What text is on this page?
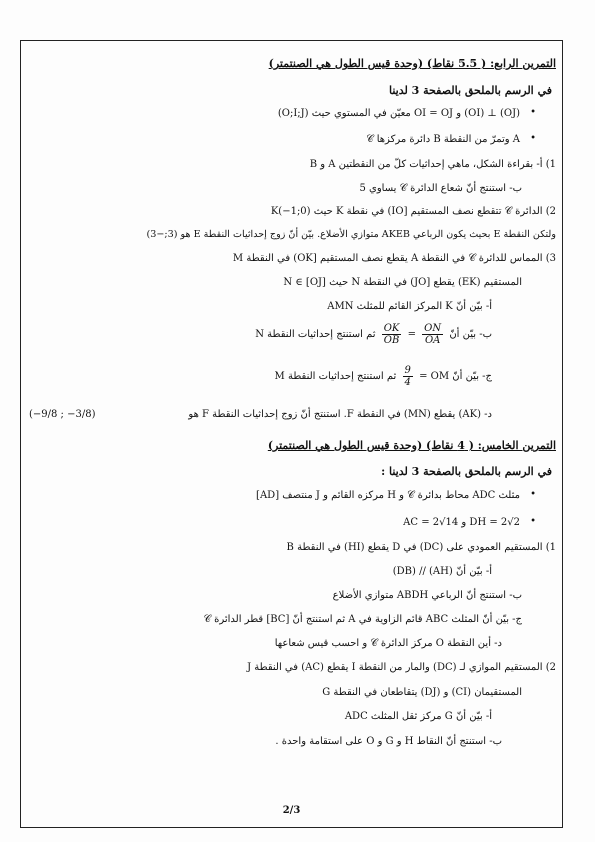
التمرين الرابع: ( 5.5 نقاط) (وحدة قيس الطول هي الصنتمتر)
في الرسم بالملحق بالصفحة 3 لدينا
•
(O;I;J) معيّن في المستوي حيث OI = OJ و (OI) ⊥ (OJ)
•
𝒞 دائرة مركزها B وتمرّ من النقطة A
1) أ- بقراءة الشكل، ماهي إحداثيات كلّ من النقطتين A و B
ب- استنتج أنّ شعاع الدائرة 𝒞 يساوي 5
2) الدائرة 𝒞 تتقطع نصف المستقيم [IO) في نقطة K حيث K(−1;0)
ولتكن النقطة E بحيث يكون الرباعي AKEB متوازي الأضلاع. بيّن أنّ زوج إحداثيات النقطة E هو (3;−3)
3) المماس للدائرة 𝒞 في النقطة A يقطع نصف المستقيم [OK) في النقطة M
المستقيم (EK) يقطع [JO) في النقطة N حيث N ∈ [OJ]
أ- بيّن أنّ K المركز القائم للمثلث AMN
ب- بيّن أنّ
$\frac{ON}{OA}$
=
$\frac{OK}{OB}$
ثم استنتج إحداثيات النقطة N
ج- بيّن أنّ OM =
$\frac{9}{4}$
ثم استنتج إحداثيات النقطة M
د- (AK) يقطع (MN) في النقطة F. استنتج أنّ زوج إحداثيات النقطة F هو
(−9/8 ; −3/8)
التمرين الخامس: ( 4 نقاط) (وحدة قيس الطول هي الصنتمتر)
في الرسم بالملحق بالصفحة 3 لدينا :
•
مثلث ADC محاط بدائرة 𝒞 و H مركزه القائم و J منتصف [AD]
•
AC = 2√14 و DH = 2√2
1) المستقيم العمودي على (DC) في D يقطع (HI) في النقطة B
أ- بيّن أنّ (AH) // (DB)
ب- استنتج أنّ الرباعي ABDH متوازي الأضلاع
ج- بيّن أنّ المثلث ABC قائم الزاوية في A ثم استنتج أنّ [BC] قطر الدائرة 𝒞
د- أين النقطة O مركز الدائرة 𝒞 و احسب قيس شعاعها
2) المستقيم الموازي لـ (DC) والمار من النقطة I يقطع (AC) في النقطة J
المستقيمان (CI) و (DJ) يتقاطعان في النقطة G
أ- بيّن أنّ G مركز ثقل المثلث ADC
ب- استنتج أنّ النقاط H و G و O على استقامة واحدة .
2/3
